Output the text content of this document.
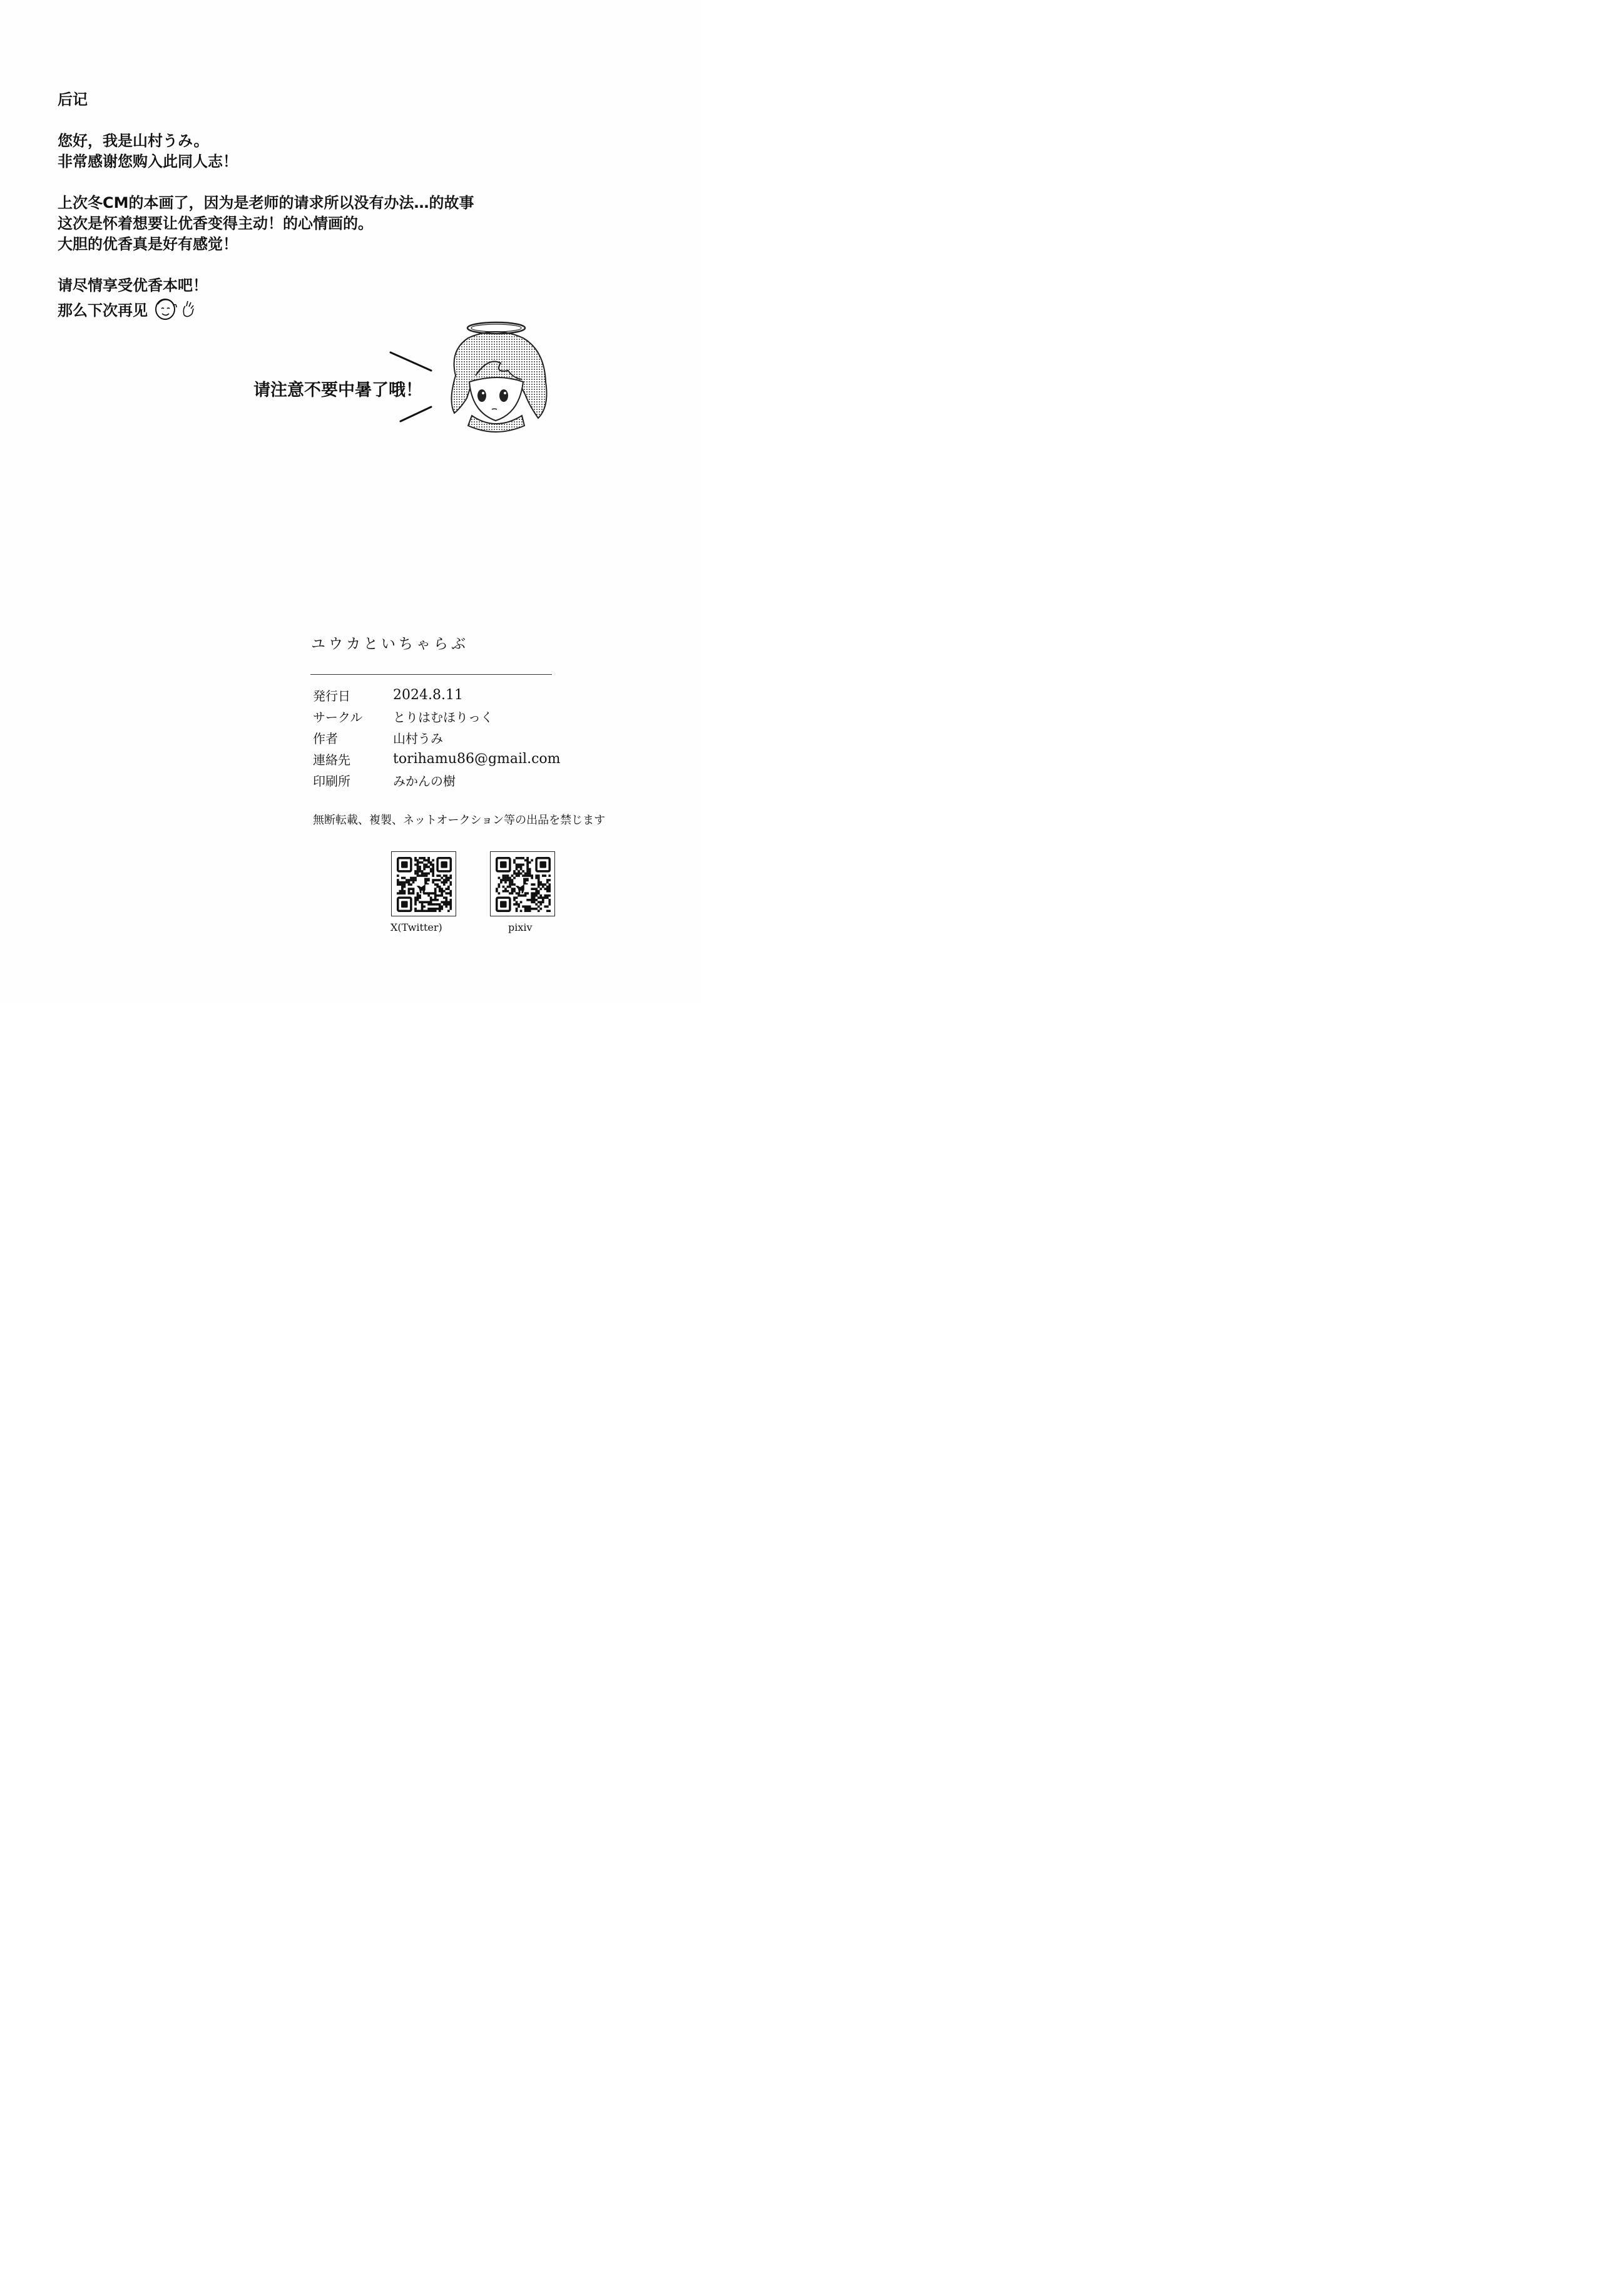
后记
您好，我是山村うみ。
非常感谢您购入此同人志！
上次冬CM的本画了，因为是老师的请求所以没有办法…的故事
这次是怀着想要让优香变得主动！的心情画的。
大胆的优香真是好有感觉！
请尽情享受优香本吧！
那么下次再见
请注意不要中暑了哦！
ユウカといちゃらぶ
発行日	2024.8.11
サークル	とりはむほりっく
作者	山村うみ
連絡先	torihamu86@gmail.com
印刷所	みかんの樹
無断転載、複製、ネットオークション等の出品を禁じます
X(Twitter)	pixiv
